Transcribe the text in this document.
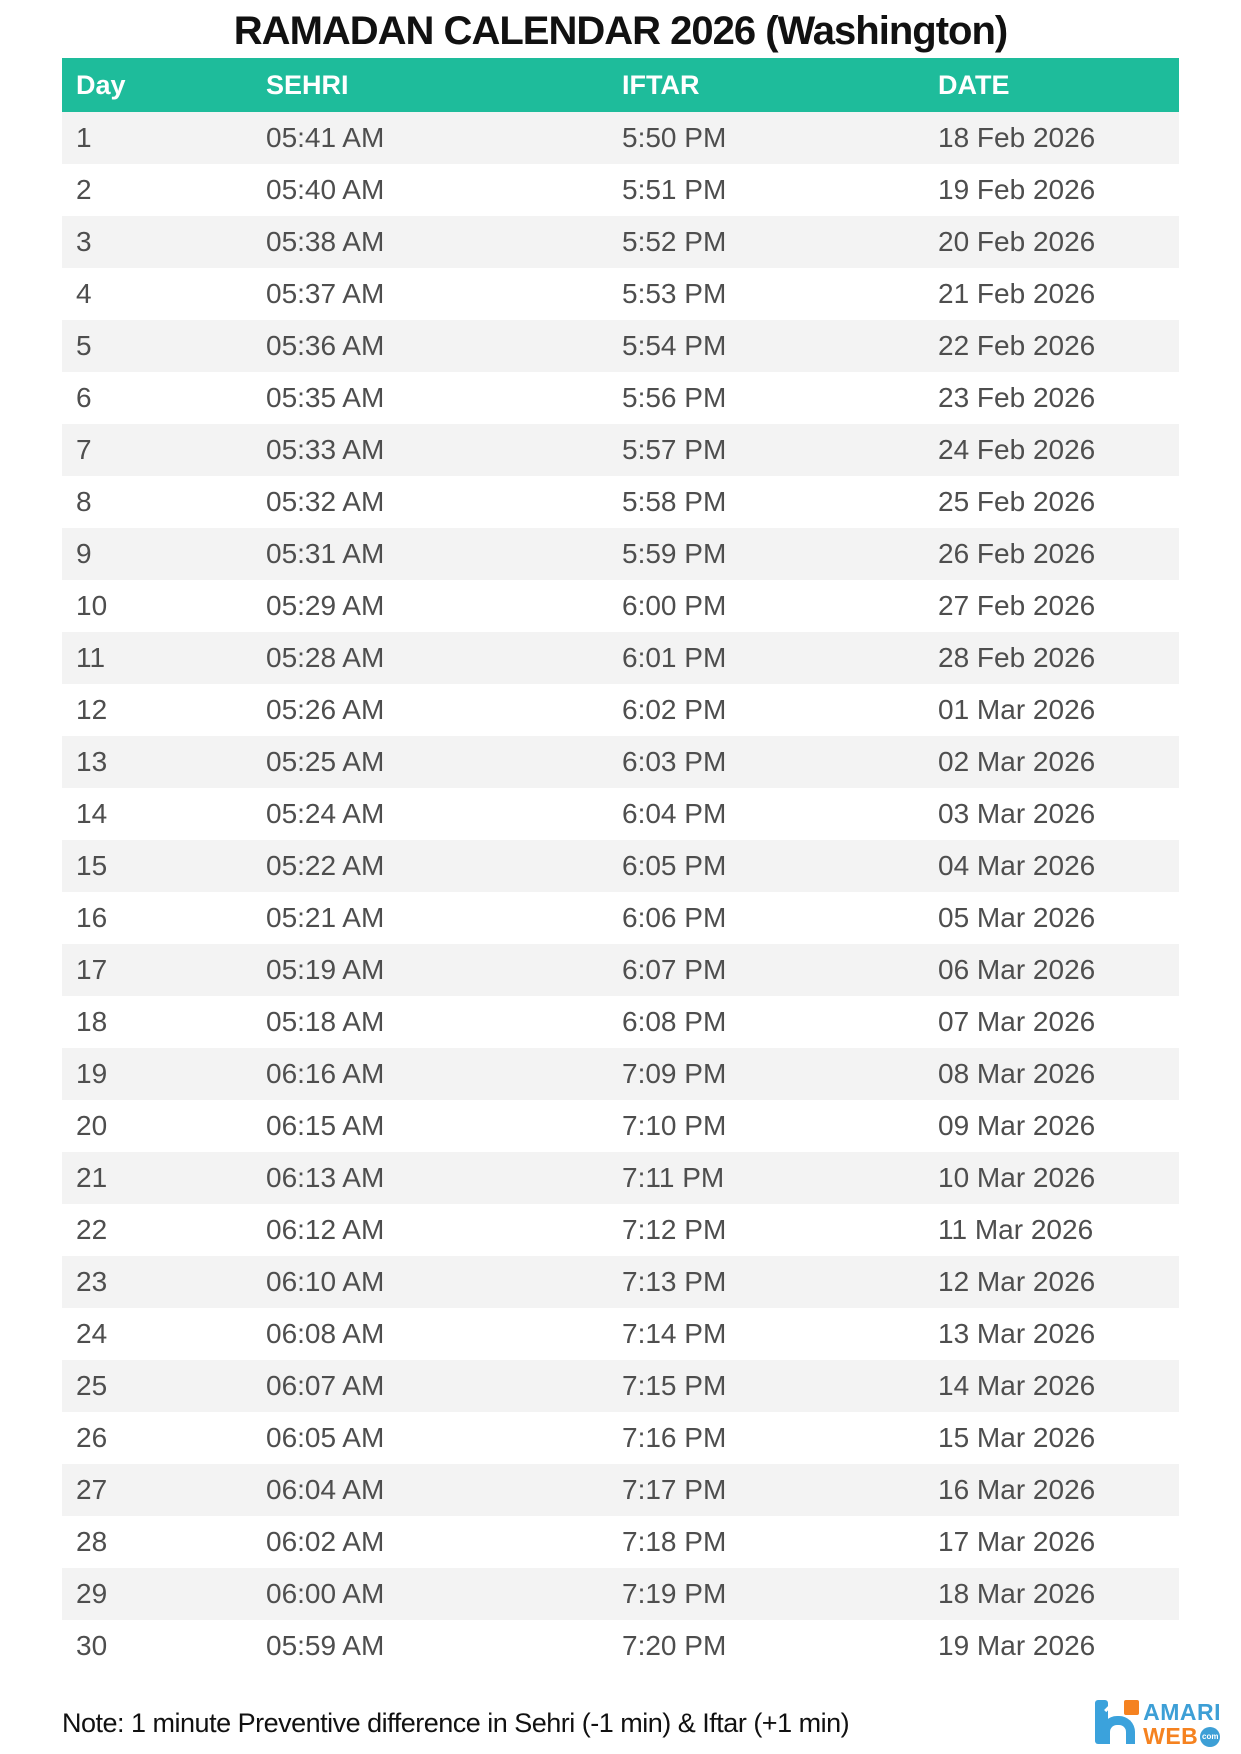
RAMADAN CALENDAR 2026 (Washington)
Day	SEHRI	IFTAR	DATE
1	05:41 AM	5:50 PM	18 Feb 2026
2	05:40 AM	5:51 PM	19 Feb 2026
3	05:38 AM	5:52 PM	20 Feb 2026
4	05:37 AM	5:53 PM	21 Feb 2026
5	05:36 AM	5:54 PM	22 Feb 2026
6	05:35 AM	5:56 PM	23 Feb 2026
7	05:33 AM	5:57 PM	24 Feb 2026
8	05:32 AM	5:58 PM	25 Feb 2026
9	05:31 AM	5:59 PM	26 Feb 2026
10	05:29 AM	6:00 PM	27 Feb 2026
11	05:28 AM	6:01 PM	28 Feb 2026
12	05:26 AM	6:02 PM	01 Mar 2026
13	05:25 AM	6:03 PM	02 Mar 2026
14	05:24 AM	6:04 PM	03 Mar 2026
15	05:22 AM	6:05 PM	04 Mar 2026
16	05:21 AM	6:06 PM	05 Mar 2026
17	05:19 AM	6:07 PM	06 Mar 2026
18	05:18 AM	6:08 PM	07 Mar 2026
19	06:16 AM	7:09 PM	08 Mar 2026
20	06:15 AM	7:10 PM	09 Mar 2026
21	06:13 AM	7:11 PM	10 Mar 2026
22	06:12 AM	7:12 PM	11 Mar 2026
23	06:10 AM	7:13 PM	12 Mar 2026
24	06:08 AM	7:14 PM	13 Mar 2026
25	06:07 AM	7:15 PM	14 Mar 2026
26	06:05 AM	7:16 PM	15 Mar 2026
27	06:04 AM	7:17 PM	16 Mar 2026
28	06:02 AM	7:18 PM	17 Mar 2026
29	06:00 AM	7:19 PM	18 Mar 2026
30	05:59 AM	7:20 PM	19 Mar 2026
Note: 1 minute Preventive difference in Sehri (-1 min) & Iftar (+1 min)	AMARI
WEB com
